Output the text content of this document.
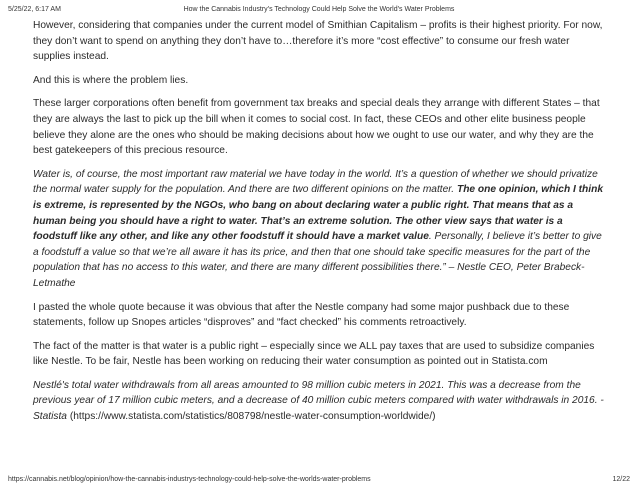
5/25/22, 6:17 AM	How the Cannabis Industry’s Technology Could Help Solve the World’s Water Problems

However, considering that companies under the current model of Smithian Capitalism – profits is their highest priority. For now, they don’t want to spend on anything they don’t have to…therefore it’s more “cost effective” to consume our fresh water supplies instead.

And this is where the problem lies.

These larger corporations often benefit from government tax breaks and special deals they arrange with different States – that they are always the last to pick up the bill when it comes to social cost. In fact, these CEOs and other elite business people believe they alone are the ones who should be making decisions about how we ought to use our water, and why they are the best gatekeepers of this precious resource.

Water is, of course, the most important raw material we have today in the world. It’s a question of whether we should privatize the normal water supply for the population. And there are two different opinions on the matter. The one opinion, which I think is extreme, is represented by the NGOs, who bang on about declaring water a public right. That means that as a human being you should have a right to water. That’s an extreme solution. The other view says that water is a foodstuff like any other, and like any other foodstuff it should have a market value. Personally, I believe it’s better to give a foodstuff a value so that we’re all aware it has its price, and then that one should take specific measures for the part of the population that has no access to this water, and there are many different possibilities there.” – Nestle CEO, Peter Brabeck-Letmathe

I pasted the whole quote because it was obvious that after the Nestle company had some major pushback due to these statements, follow up Snopes articles “disproves” and “fact checked” his comments retroactively.

The fact of the matter is that water is a public right – especially since we ALL pay taxes that are used to subsidize companies like Nestle. To be fair, Nestle has been working on reducing their water consumption as pointed out in Statista.com

Nestlé's total water withdrawals from all areas amounted to 98 million cubic meters in 2021. This was a decrease from the previous year of 17 million cubic meters, and a decrease of 40 million cubic meters compared with water withdrawals in 2016. - Statista (https://www.statista.com/statistics/808798/nestle-water-consumption-worldwide/)

https://cannabis.net/blog/opinion/how-the-cannabis-industrys-technology-could-help-solve-the-worlds-water-problems	12/22
